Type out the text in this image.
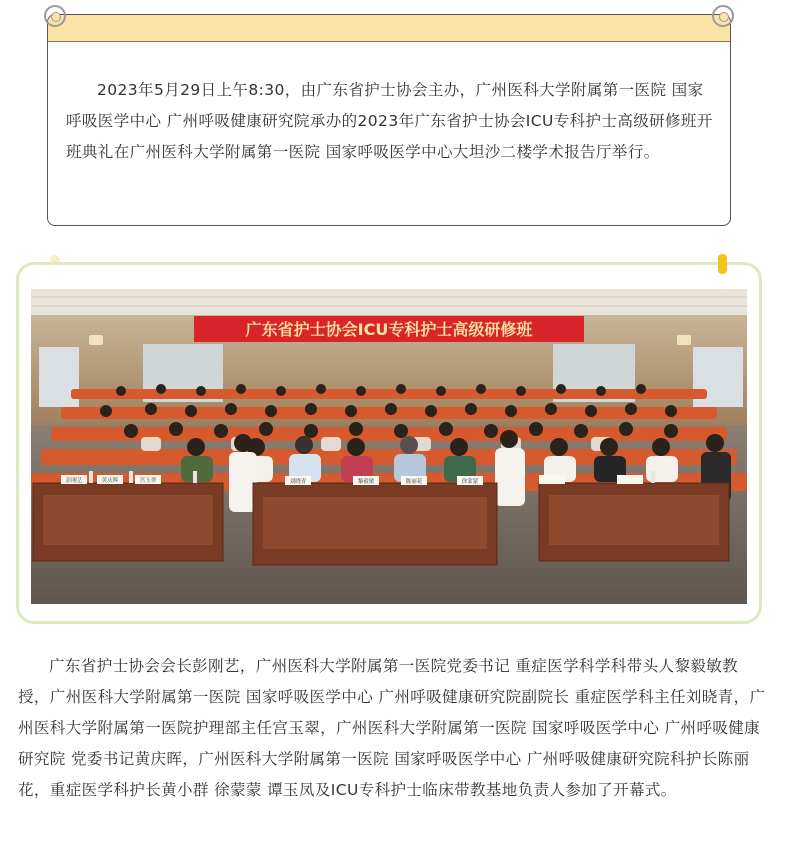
2023年5月29日上午8:30，由广东省护士协会主办，广州医科大学附属第一医院 国家呼吸医学中心 广州呼吸健康研究院承办的2023年广东省护士协会ICU专科护士高级研修班开班典礼在广州医科大学附属第一医院 国家呼吸医学中心大坦沙二楼学术报告厅举行。

广东省护士协会ICU专科护士高级研修班
彭刚艺	黄庆晖	宫玉翠	刘晓青	黎毅敏	陈丽花	徐蒙蒙

广东省护士协会会长彭刚艺，广州医科大学附属第一医院党委书记 重症医学科学科带头人黎毅敏教授，广州医科大学附属第一医院 国家呼吸医学中心 广州呼吸健康研究院副院长 重症医学科主任刘晓青，广州医科大学附属第一医院护理部主任宫玉翠，广州医科大学附属第一医院 国家呼吸医学中心 广州呼吸健康研究院 党委书记黄庆晖，广州医科大学附属第一医院 国家呼吸医学中心 广州呼吸健康研究院科护长陈丽花，重症医学科护长黄小群 徐蒙蒙 谭玉凤及ICU专科护士临床带教基地负责人参加了开幕式。
